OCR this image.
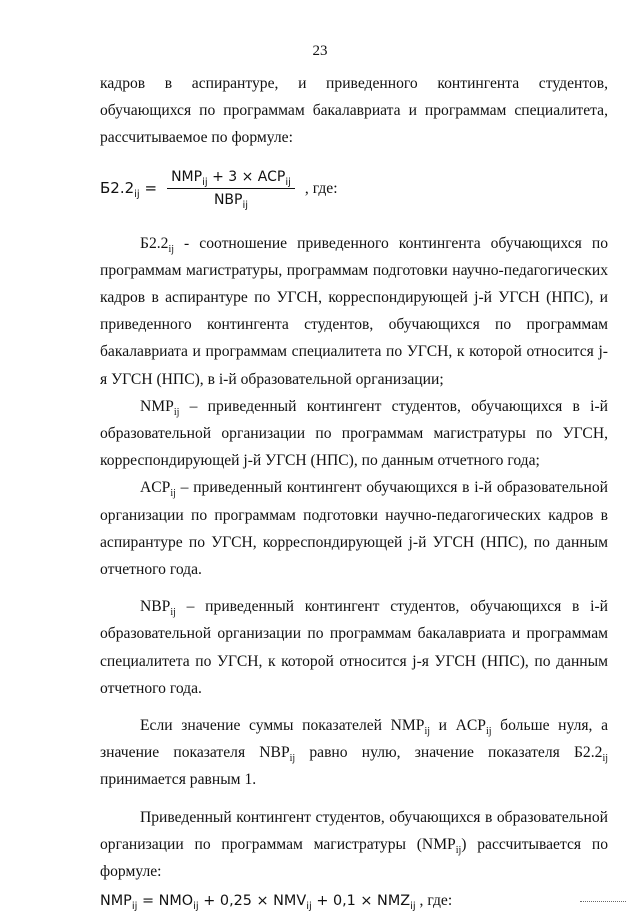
23

кадров в аспирантуре, и приведенного контингента студентов, обучающихся по программам бакалавриата и программам специалитета, рассчитываемое по формуле:

$Б2.2_{ij} = \frac{NMP_{ij} + 3 \times ACP_{ij}}{NBP_{ij}}$ , где:

$Б2.2_{ij}$ - соотношение приведенного контингента обучающихся по программам магистратуры, программам подготовки научно-педагогических кадров в аспирантуре по УГСН, корреспондирующей j-й УГСН (НПС), и приведенного контингента студентов, обучающихся по программам бакалавриата и программам специалитета по УГСН, к которой относится j-я УГСН (НПС), в i-й образовательной организации;

$NMP_{ij}$ – приведенный контингент студентов, обучающихся в i-й образовательной организации по программам магистратуры по УГСН, корреспондирующей j-й УГСН (НПС), по данным отчетного года;

$ACP_{ij}$ – приведенный контингент обучающихся в i-й образовательной организации по программам подготовки научно-педагогических кадров в аспирантуре по УГСН, корреспондирующей j-й УГСН (НПС), по данным отчетного года.

$NBP_{ij}$ – приведенный контингент студентов, обучающихся в i-й образовательной организации по программам бакалавриата и программам специалитета по УГСН, к которой относится j-я УГСН (НПС), по данным отчетного года.

Если значение суммы показателей $NMP_{ij}$ и $ACP_{ij}$ больше нуля, а значение показателя $NBP_{ij}$ равно нулю, значение показателя $Б2.2_{ij}$ принимается равным 1.

Приведенный контингент студентов, обучающихся в образовательной организации по программам магистратуры $(NMP_{ij})$ рассчитывается по формуле:

$NMP_{ij} = NMO_{ij} + 0,25 \times NMV_{ij} + 0,1 \times NMZ_{ij}$ , где:
